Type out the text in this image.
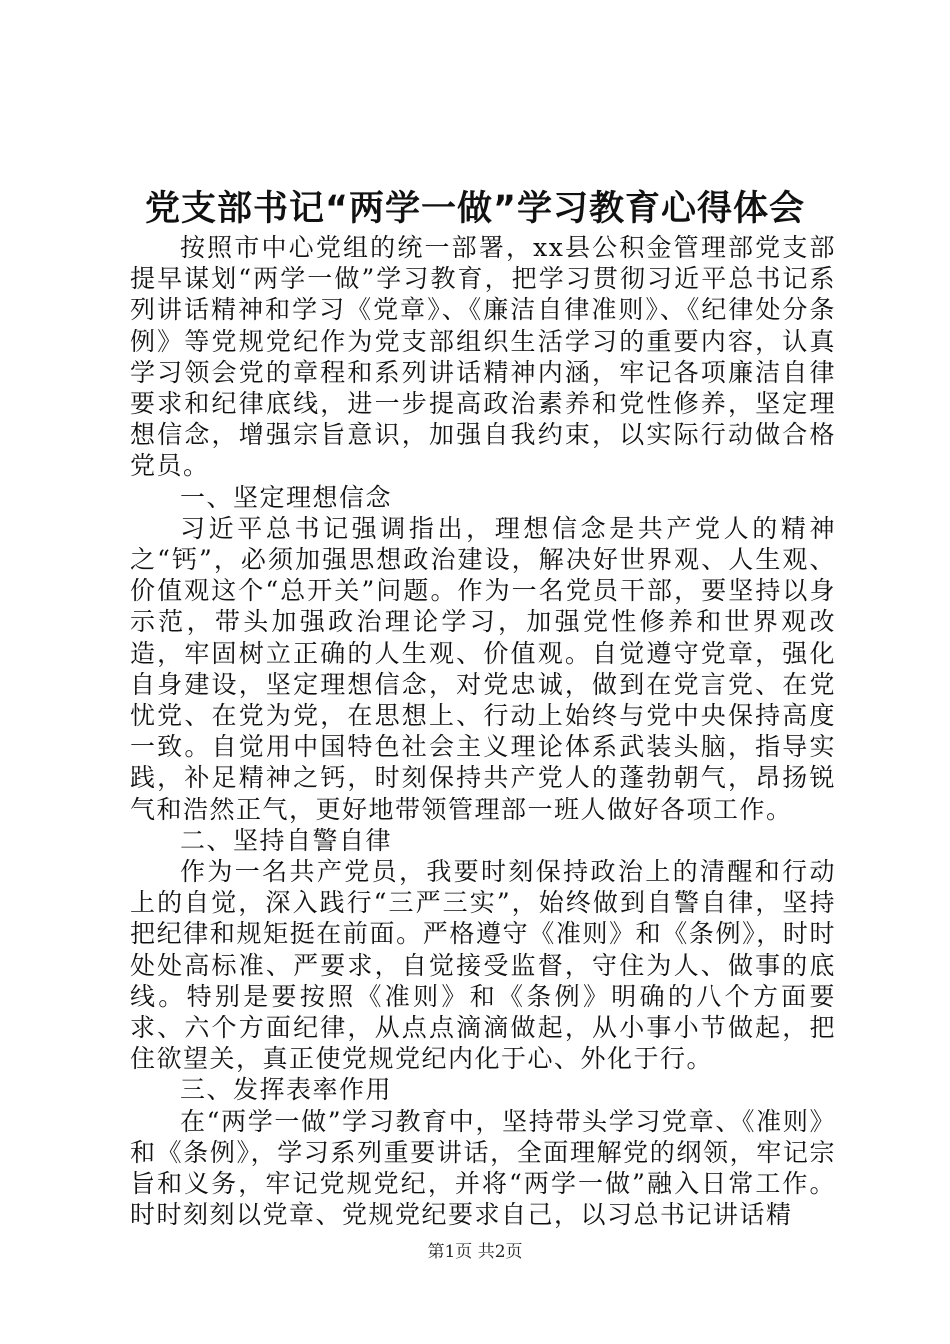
党支部书记“两学一做”学习教育心得体会

按照市中心党组的统一部署，xx县公积金管理部党支部提早谋划“两学一做”学习教育，把学习贯彻习近平总书记系列讲话精神和学习《党章》、《廉洁自律准则》、《纪律处分条例》等党规党纪作为党支部组织生活学习的重要内容，认真学习领会党的章程和系列讲话精神内涵，牢记各项廉洁自律要求和纪律底线，进一步提高政治素养和党性修养，坚定理想信念，增强宗旨意识，加强自我约束，以实际行动做合格党员。

一、坚定理想信念

习近平总书记强调指出，理想信念是共产党人的精神之“钙”，必须加强思想政治建设，解决好世界观、人生观、价值观这个“总开关”问题。作为一名党员干部，要坚持以身示范，带头加强政治理论学习，加强党性修养和世界观改造，牢固树立正确的人生观、价值观。自觉遵守党章，强化自身建设，坚定理想信念，对党忠诚，做到在党言党、在党忧党、在党为党，在思想上、行动上始终与党中央保持高度一致。自觉用中国特色社会主义理论体系武装头脑，指导实践，补足精神之钙，时刻保持共产党人的蓬勃朝气，昂扬锐气和浩然正气，更好地带领管理部一班人做好各项工作。

二、坚持自警自律

作为一名共产党员，我要时刻保持政治上的清醒和行动上的自觉，深入践行“三严三实”，始终做到自警自律，坚持把纪律和规矩挺在前面。严格遵守《准则》和《条例》，时时处处高标准、严要求，自觉接受监督，守住为人、做事的底线。特别是要按照《准则》和《条例》明确的八个方面要求、六个方面纪律，从点点滴滴做起，从小事小节做起，把住欲望关，真正使党规党纪内化于心、外化于行。

三、发挥表率作用

在“两学一做”学习教育中，坚持带头学习党章、《准则》和《条例》，学习系列重要讲话，全面理解党的纲领，牢记宗旨和义务，牢记党规党纪，并将“两学一做”融入日常工作。时时刻刻以党章、党规党纪要求自己，以习总书记讲话精

第1页 共2页
